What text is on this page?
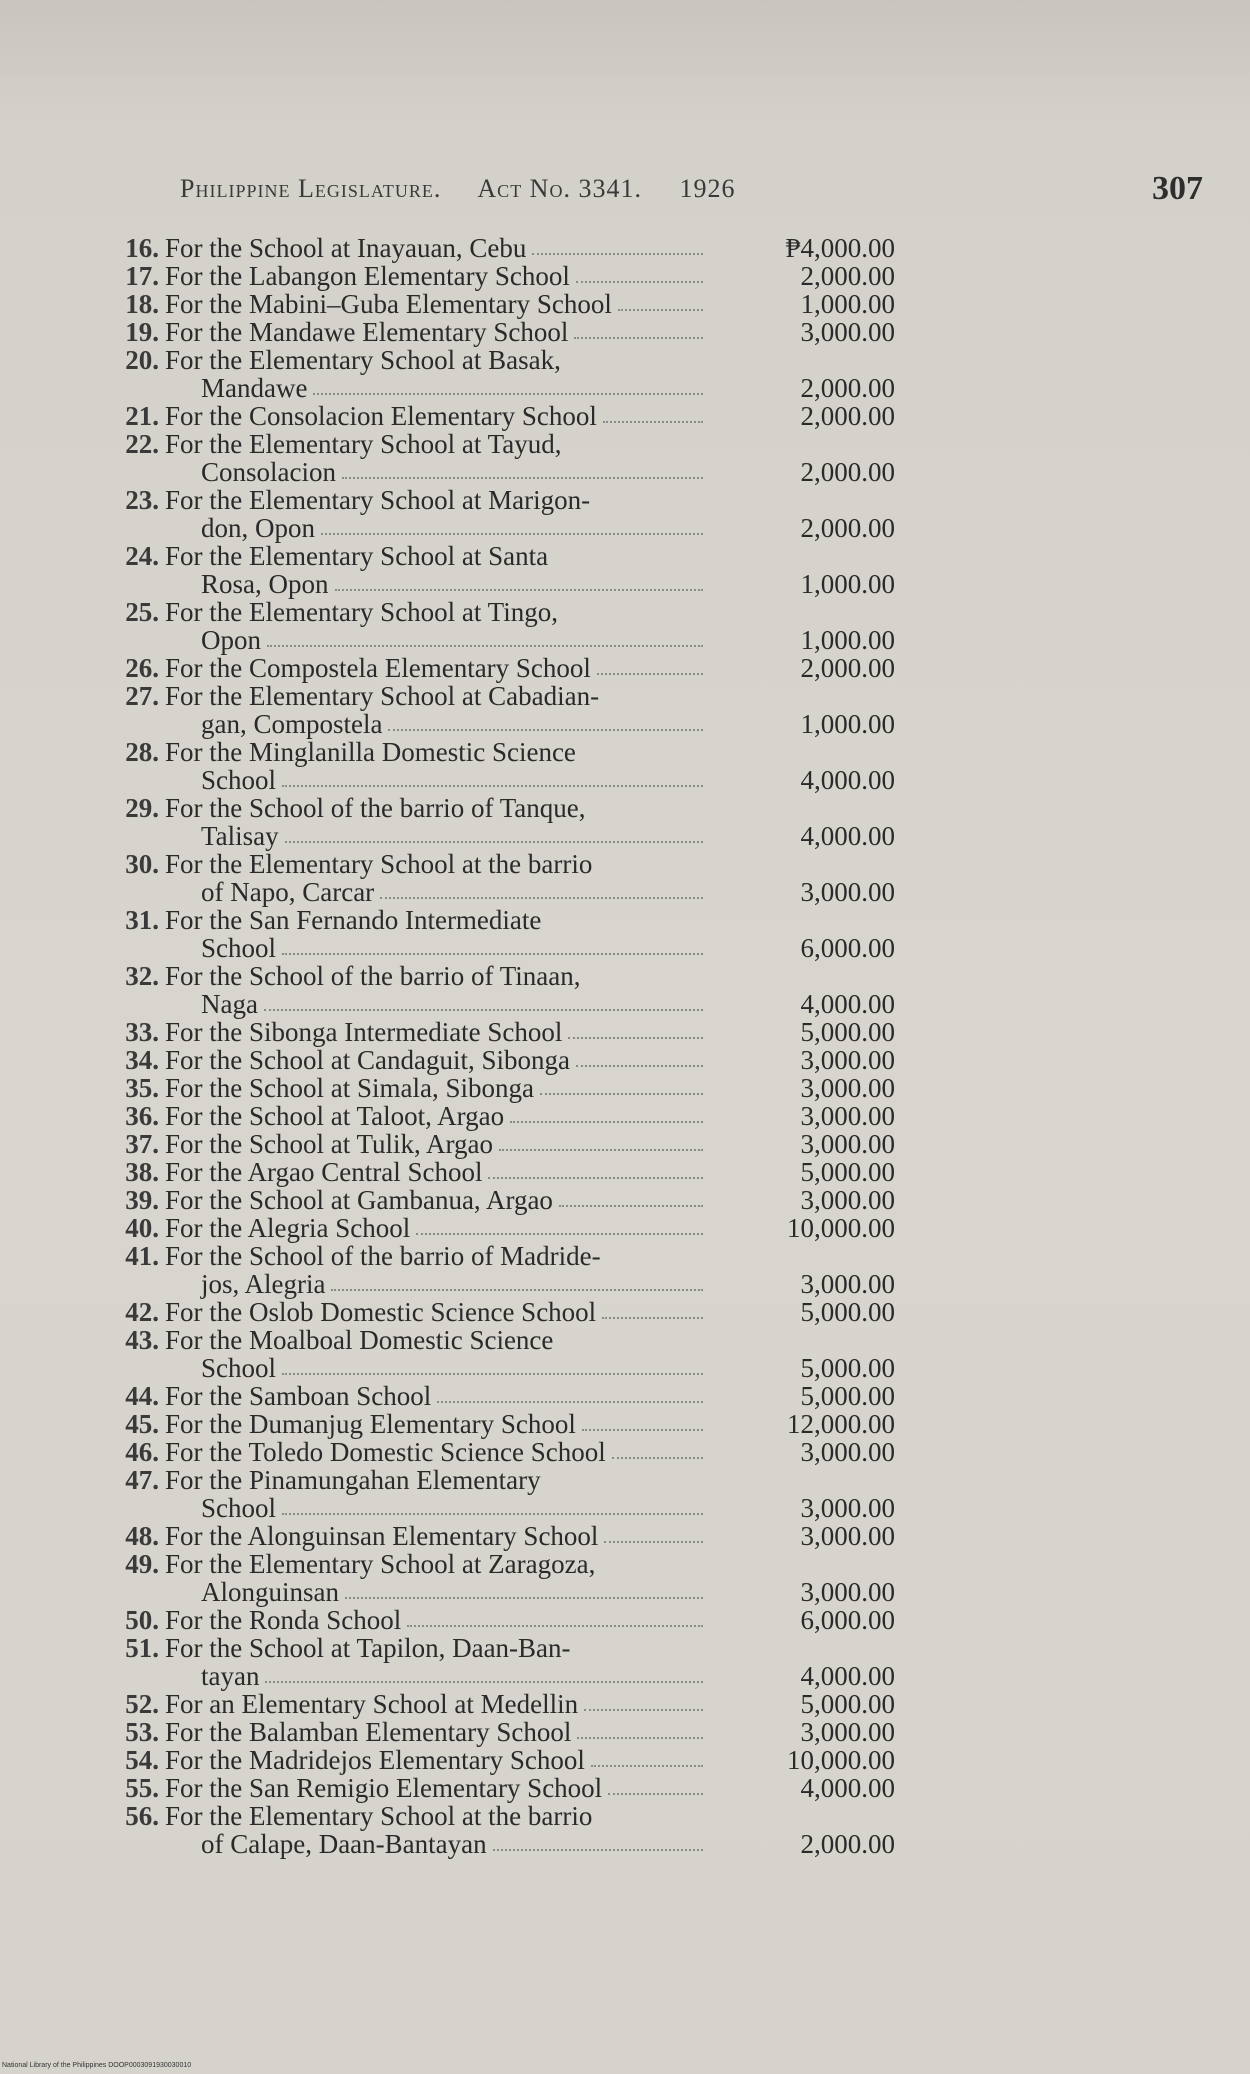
Philippine Legislature. Act No. 3341. 1926	307
16. For the School at Inayauan, Cebu	₱4,000.00
17. For the Labangon Elementary School	2,000.00
18. For the Mabini–Guba Elementary School	1,000.00
19. For the Mandawe Elementary School	3,000.00
20. For the Elementary School at Basak,
Mandawe	2,000.00
21. For the Consolacion Elementary School	2,000.00
22. For the Elementary School at Tayud,
Consolacion	2,000.00
23. For the Elementary School at Marigon-
don, Opon	2,000.00
24. For the Elementary School at Santa
Rosa, Opon	1,000.00
25. For the Elementary School at Tingo,
Opon	1,000.00
26. For the Compostela Elementary School	2,000.00
27. For the Elementary School at Cabadian-
gan, Compostela	1,000.00
28. For the Minglanilla Domestic Science
School	4,000.00
29. For the School of the barrio of Tanque,
Talisay	4,000.00
30. For the Elementary School at the barrio
of Napo, Carcar	3,000.00
31. For the San Fernando Intermediate
School	6,000.00
32. For the School of the barrio of Tinaan,
Naga	4,000.00
33. For the Sibonga Intermediate School	5,000.00
34. For the School at Candaguit, Sibonga	3,000.00
35. For the School at Simala, Sibonga	3,000.00
36. For the School at Taloot, Argao	3,000.00
37. For the School at Tulik, Argao	3,000.00
38. For the Argao Central School	5,000.00
39. For the School at Gambanua, Argao	3,000.00
40. For the Alegria School	10,000.00
41. For the School of the barrio of Madride-
jos, Alegria	3,000.00
42. For the Oslob Domestic Science School	5,000.00
43. For the Moalboal Domestic Science
School	5,000.00
44. For the Samboan School	5,000.00
45. For the Dumanjug Elementary School	12,000.00
46. For the Toledo Domestic Science School	3,000.00
47. For the Pinamungahan Elementary
School	3,000.00
48. For the Alonguinsan Elementary School	3,000.00
49. For the Elementary School at Zaragoza,
Alonguinsan	3,000.00
50. For the Ronda School	6,000.00
51. For the School at Tapilon, Daan-Ban-
tayan	4,000.00
52. For an Elementary School at Medellin	5,000.00
53. For the Balamban Elementary School	3,000.00
54. For the Madridejos Elementary School	10,000.00
55. For the San Remigio Elementary School	4,000.00
56. For the Elementary School at the barrio
of Calape, Daan-Bantayan	2,000.00
National Library of the Philippines DOOP0003091930030010
